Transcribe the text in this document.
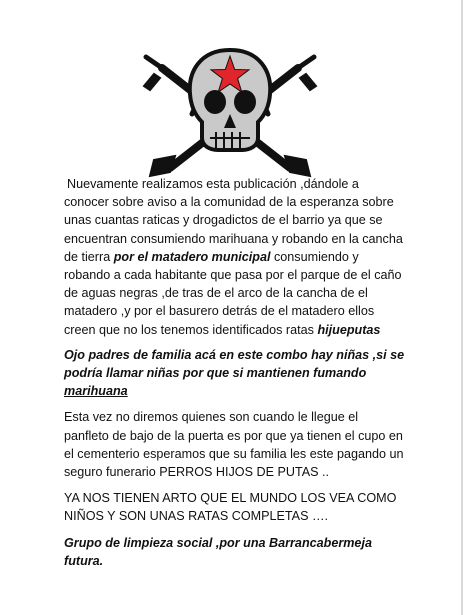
Nuevamente realizamos esta publicación ,dándole a conocer sobre aviso a la comunidad de la esperanza sobre unas cuantas raticas y drogadictos de el barrio ya que se encuentran consumiendo marihuana y robando en la cancha de tierra por el matadero municipal consumiendo y robando a cada habitante que pasa por el parque de el caño de aguas negras ,de tras de el arco de la cancha de el matadero ,y por el basurero detrás de el matadero ellos creen que no los tenemos identificados ratas hijueputas

Ojo padres de familia acá en este combo hay niñas ,si se podría llamar niñas por que si mantienen fumando marihuana

Esta vez no diremos quienes son cuando le llegue el panfleto de bajo de la puerta es por que ya tienen el cupo en el cementerio esperamos que su familia les este pagando un seguro funerario PERROS HIJOS DE PUTAS ..

YA NOS TIENEN ARTO QUE EL MUNDO LOS VEA COMO NIÑOS Y SON UNAS RATAS COMPLETAS ….

Grupo de limpieza social ,por una Barrancabermeja futura.
